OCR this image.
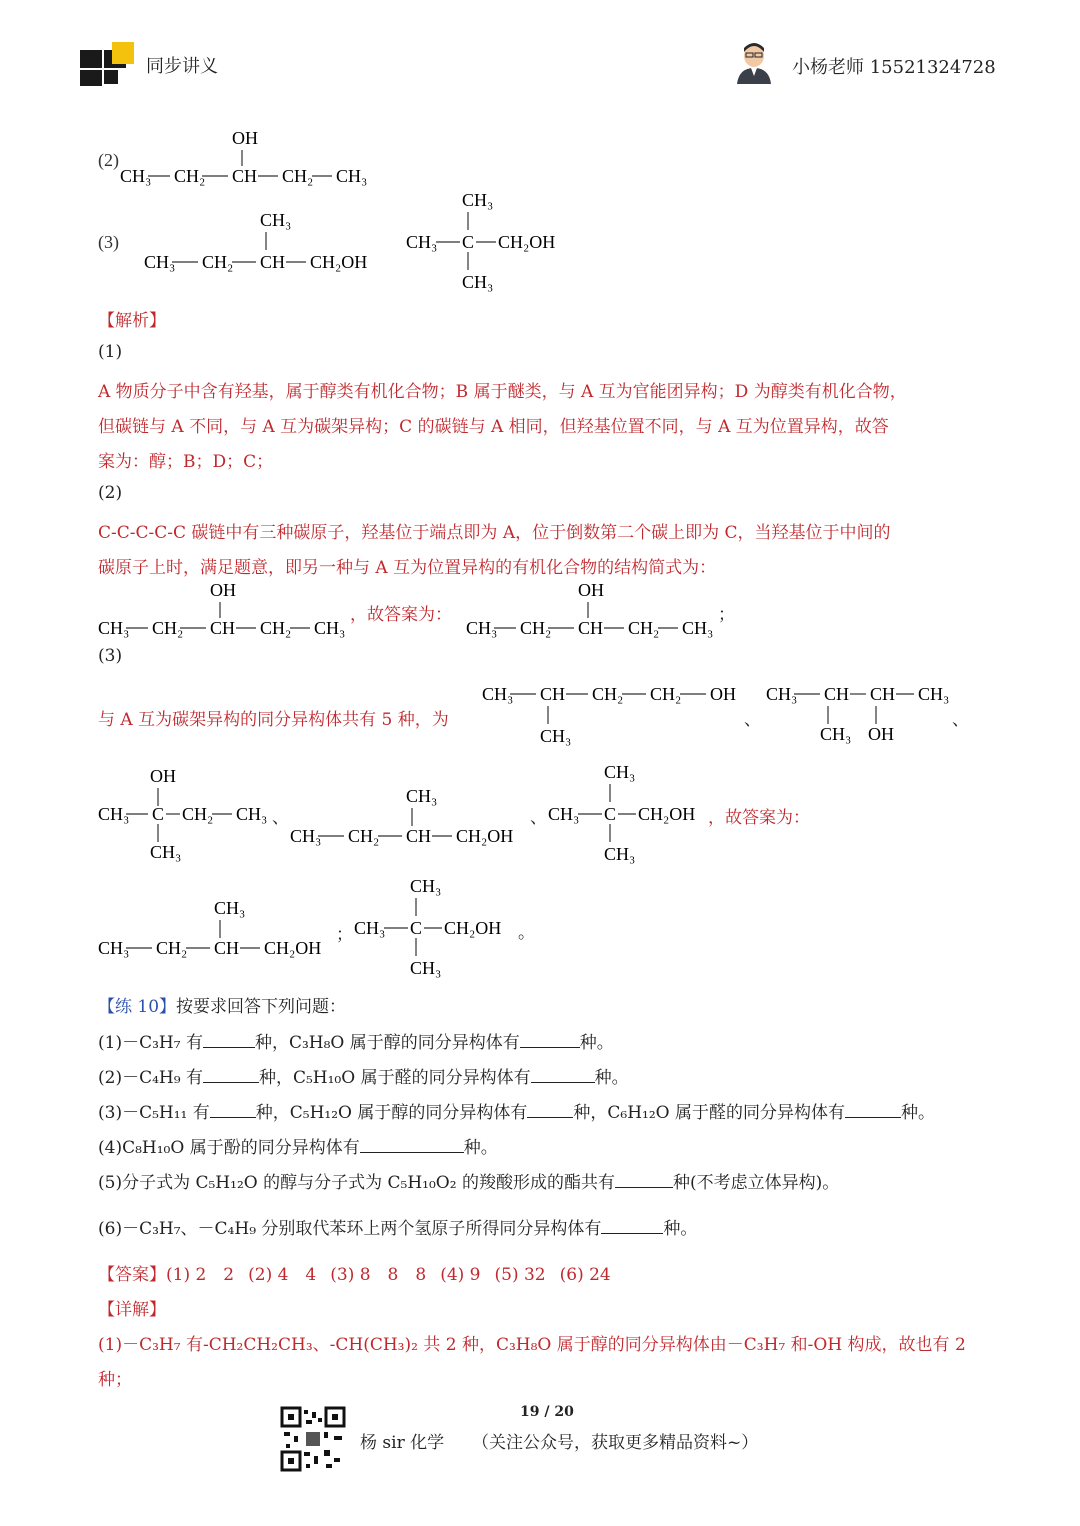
同步讲义	小杨老师 15521324728
(2)
OH
CH₃ CH₂ CH CH₂ CH₃
(3)
CH₃
CH₃ CH₂ CH CH₂OH
CH₃
CH₃ C CH₂OH
CH₃
【解析】
(1)
A 物质分子中含有羟基，属于醇类有机化合物；B 属于醚类，与 A 互为官能团异构；D 为醇类有机化合物，
但碳链与 A 不同，与 A 互为碳架异构；C 的碳链与 A 相同，但羟基位置不同，与 A 互为位置异构，故答
案为：醇；B；D；C；
(2)
C-C-C-C-C 碳链中有三种碳原子，羟基位于端点即为 A，位于倒数第二个碳上即为 C，当羟基位于中间的
碳原子上时，满足题意，即另一种与 A 互为位置异构的有机化合物的结构简式为：
OH
CH₃ CH₂ CH CH₂ CH₃
，故答案为：
OH
CH₃ CH₂ CH CH₂ CH₃
；
(3)
与 A 互为碳架异构的同分异构体共有 5 种，为
CH₃ CH CH₂ CH₂ OH
CH₃
、
CH₃ CH CH CH₃
CH₃ OH
、
OH
CH₃ C CH₂ CH₃
CH₃
、
CH₃
CH₃ CH₂ CH CH₂OH
、
CH₃
CH₃ C CH₂OH
CH₃
，故答案为：
CH₃
CH₃ CH₂ CH CH₂OH
；
CH₃
CH₃ C CH₂OH
CH₃
。
【练 10】按要求回答下列问题：
(1)－C₃H₇ 有	种，C₃H₈O 属于醇的同分异构体有	种。
(2)－C₄H₉ 有	种，C₅H₁₀O 属于醛的同分异构体有	种。
(3)－C₅H₁₁ 有	种，C₅H₁₂O 属于醇的同分异构体有	种，C₆H₁₂O 属于醛的同分异构体有	种。
(4)C₈H₁₀O 属于酚的同分异构体有	种。
(5)分子式为 C₅H₁₂O 的醇与分子式为 C₅H₁₀O₂ 的羧酸形成的酯共有	种(不考虑立体异构)。
(6)－C₃H₇、－C₄H₉ 分别取代苯环上两个氢原子所得同分异构体有	种。
【答案】(1) 2　2 (2) 4　4 (3) 8　8　8 (4) 9 (5) 32 (6) 24
【详解】
(1)－C₃H₇ 有-CH₂CH₂CH₃、-CH(CH₃)₂ 共 2 种，C₃H₈O 属于醇的同分异构体由－C₃H₇ 和-OH 构成，故也有 2
种；
19 / 20
杨 sir 化学 （关注公众号，获取更多精品资料~）
